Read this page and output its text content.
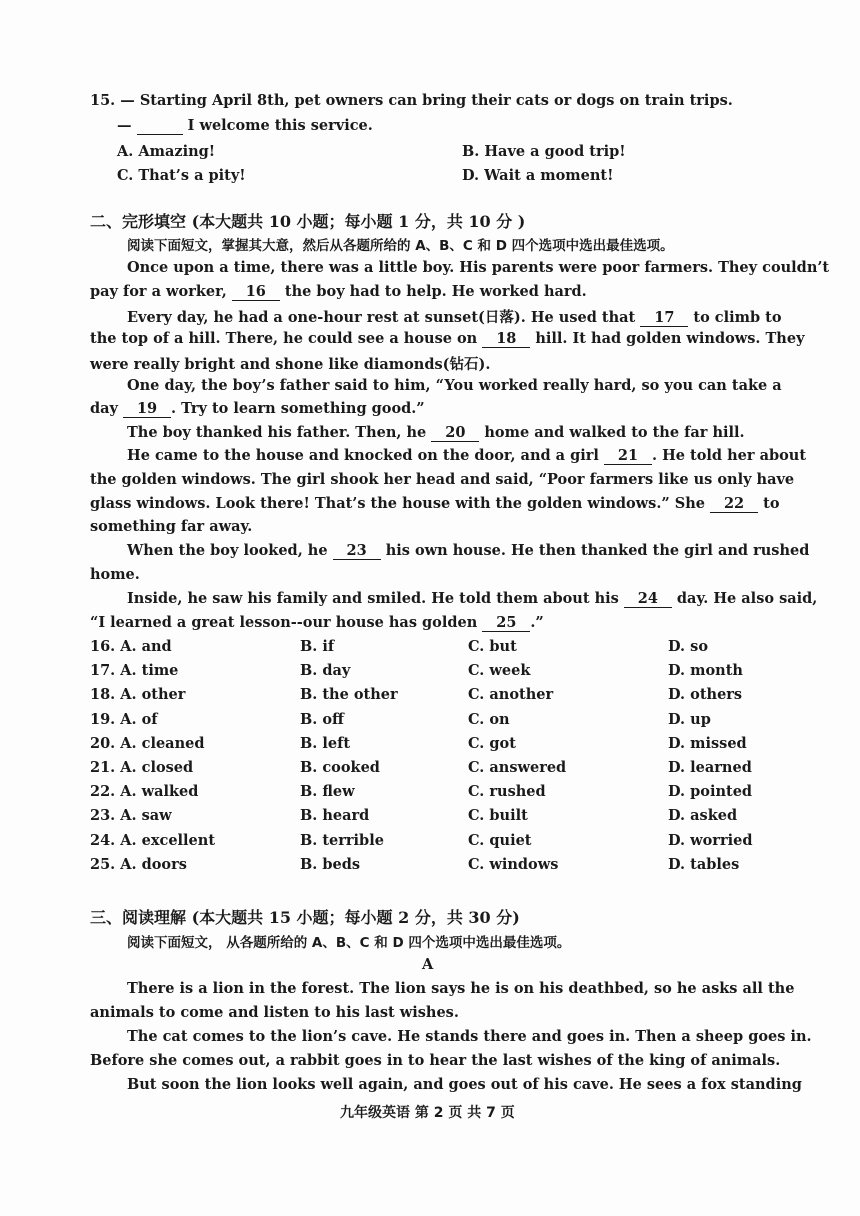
15. — Starting April 8th, pet owners can bring their cats or dogs on train trips.
—	I welcome this service.
A. Amazing!	B. Have a good trip!
C. That’s a pity!	D. Wait a moment!
二、完形填空 (本大题共 10 小题；每小题 1 分，共 10 分 )
阅读下面短文，掌握其大意，然后从各题所给的 A、B、C 和 D 四个选项中选出最佳选项。
Once upon a time, there was a little boy. His parents were poor farmers. They couldn’t
pay for a worker, 16 the boy had to help. He worked hard.
Every day, he had a one-hour rest at sunset(日落). He used that 17 to climb to
the top of a hill. There, he could see a house on 18 hill. It had golden windows. They
were really bright and shone like diamonds(钻石).
One day, the boy’s father said to him, “You worked really hard, so you can take a
day 19 . Try to learn something good.”
The boy thanked his father. Then, he 20 home and walked to the far hill.
He came to the house and knocked on the door, and a girl 21 . He told her about
the golden windows. The girl shook her head and said, “Poor farmers like us only have
glass windows. Look there! That’s the house with the golden windows.” She 22 to
something far away.
When the boy looked, he 23 his own house. He then thanked the girl and rushed
home.
Inside, he saw his family and smiled. He told them about his 24 day. He also said,
“I learned a great lesson--our house has golden 25 .”
16. A. and	B. if	C. but	D. so
17. A. time	B. day	C. week	D. month
18. A. other	B. the other	C. another	D. others
19. A. of	B. off	C. on	D. up
20. A. cleaned	B. left	C. got	D. missed
21. A. closed	B. cooked	C. answered	D. learned
22. A. walked	B. flew	C. rushed	D. pointed
23. A. saw	B. heard	C. built	D. asked
24. A. excellent	B. terrible	C. quiet	D. worried
25. A. doors	B. beds	C. windows	D. tables
三、阅读理解 (本大题共 15 小题；每小题 2 分，共 30 分)
阅读下面短文， 从各题所给的 A、B、C 和 D 四个选项中选出最佳选项。
A
There is a lion in the forest. The lion says he is on his deathbed, so he asks all the
animals to come and listen to his last wishes.
The cat comes to the lion’s cave. He stands there and goes in. Then a sheep goes in.
Before she comes out, a rabbit goes in to hear the last wishes of the king of animals.
But soon the lion looks well again, and goes out of his cave. He sees a fox standing
九年级英语 第 2 页 共 7 页
